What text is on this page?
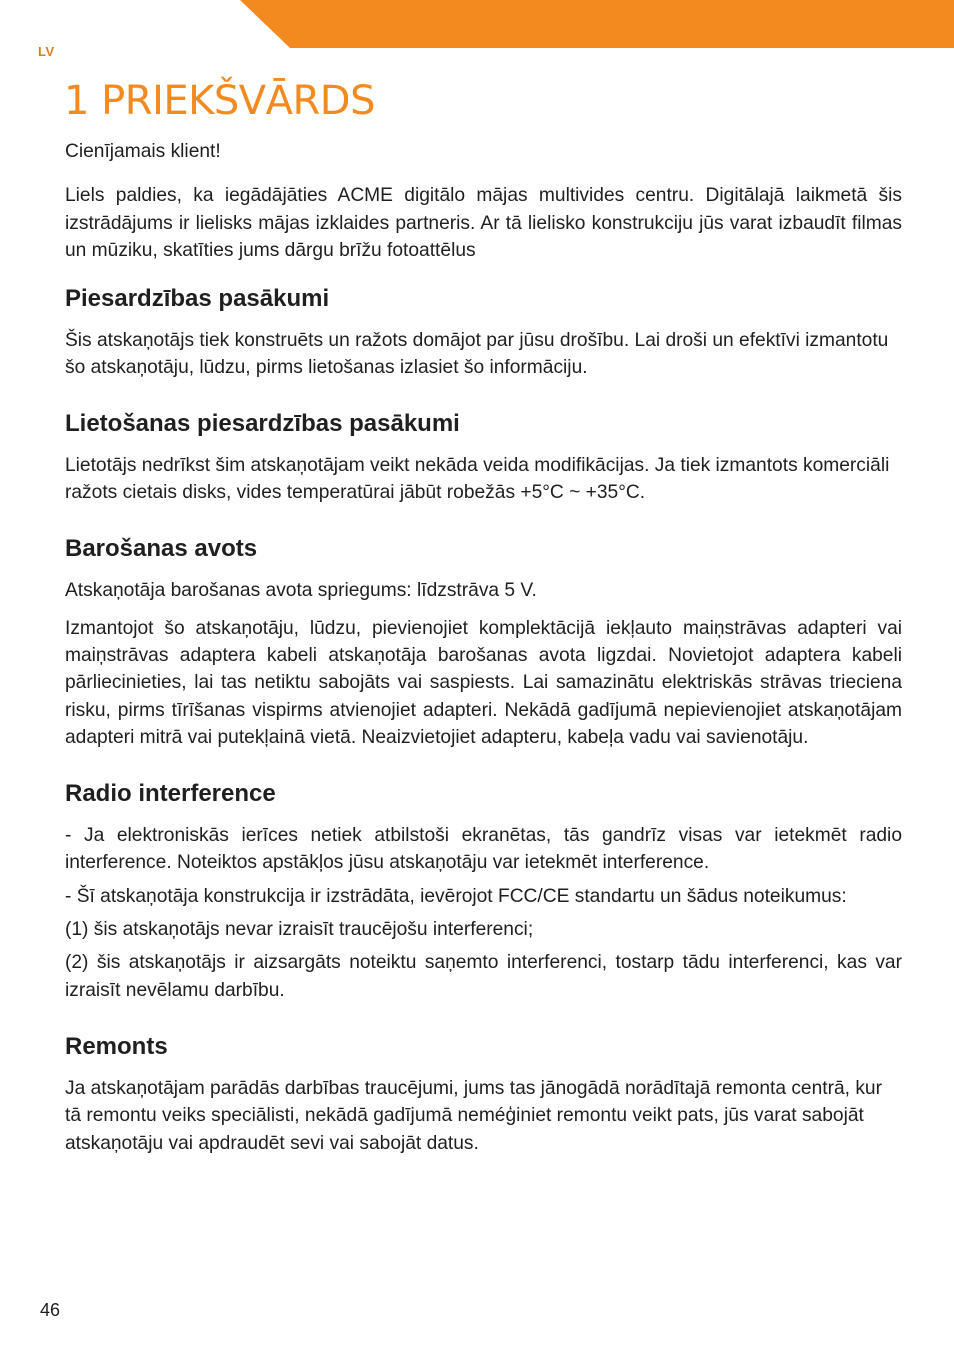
LV
1 PRIEKŠVĀRDS

Cienījamais klient!

Liels paldies, ka iegādājāties ACME digitālo mājas multivides centru. Digitālajā laikmetā šis izstrādājums ir lielisks mājas izklaides partneris. Ar tā lielisko konstrukciju jūs varat izbaudīt filmas un mūziku, skatīties jums dārgu brīžu fotoattēlus

Piesardzības pasākumi

Šis atskaņotājs tiek konstruēts un ražots domājot par jūsu drošību. Lai droši un efektīvi izmantotu šo atskaņotāju, lūdzu, pirms lietošanas izlasiet šo informāciju.

Lietošanas piesardzības pasākumi

Lietotājs nedrīkst šim atskaņotājam veikt nekāda veida modifikācijas. Ja tiek izmantots komerciāli ražots cietais disks, vides temperatūrai jābūt robežās +5°C ~ +35°C.

Barošanas avots

Atskaņotāja barošanas avota spriegums: līdzstrāva 5 V.

Izmantojot šo atskaņotāju, lūdzu, pievienojiet komplektācijā iekļauto maiņstrāvas adapteri vai maiņstrāvas adaptera kabeli atskaņotāja barošanas avota ligzdai. Novietojot adaptera kabeli pārliecinieties, lai tas netiktu sabojāts vai saspiests. Lai samazinātu elektriskās strāvas trieciena risku, pirms tīrīšanas vispirms atvienojiet adapteri. Nekādā gadījumā nepievienojiet atskaņotājam adapteri mitrā vai putekļainā vietā. Neaizvietojiet adapteru, kabeļa vadu vai savienotāju.

Radio interference

- Ja elektroniskās ierīces netiek atbilstoši ekranētas, tās gandrīz visas var ietekmēt radio interference. Noteiktos apstākļos jūsu atskaņotāju var ietekmēt interference.

- Šī atskaņotāja konstrukcija ir izstrādāta, ievērojot FCC/CE standartu un šādus noteikumus:

(1) šis atskaņotājs nevar izraisīt traucējošu interferenci;

(2) šis atskaņotājs ir aizsargāts noteiktu saņemto interferenci, tostarp tādu interferenci, kas var izraisīt nevēlamu darbību.

Remonts

Ja atskaņotājam parādās darbības traucējumi, jums tas jānogādā norādītajā remonta centrā, kur tā remontu veiks speciālisti, nekādā gadījumā neméģiniet remontu veikt pats, jūs varat sabojāt atskaņotāju vai apdraudēt sevi vai sabojāt datus.

46
